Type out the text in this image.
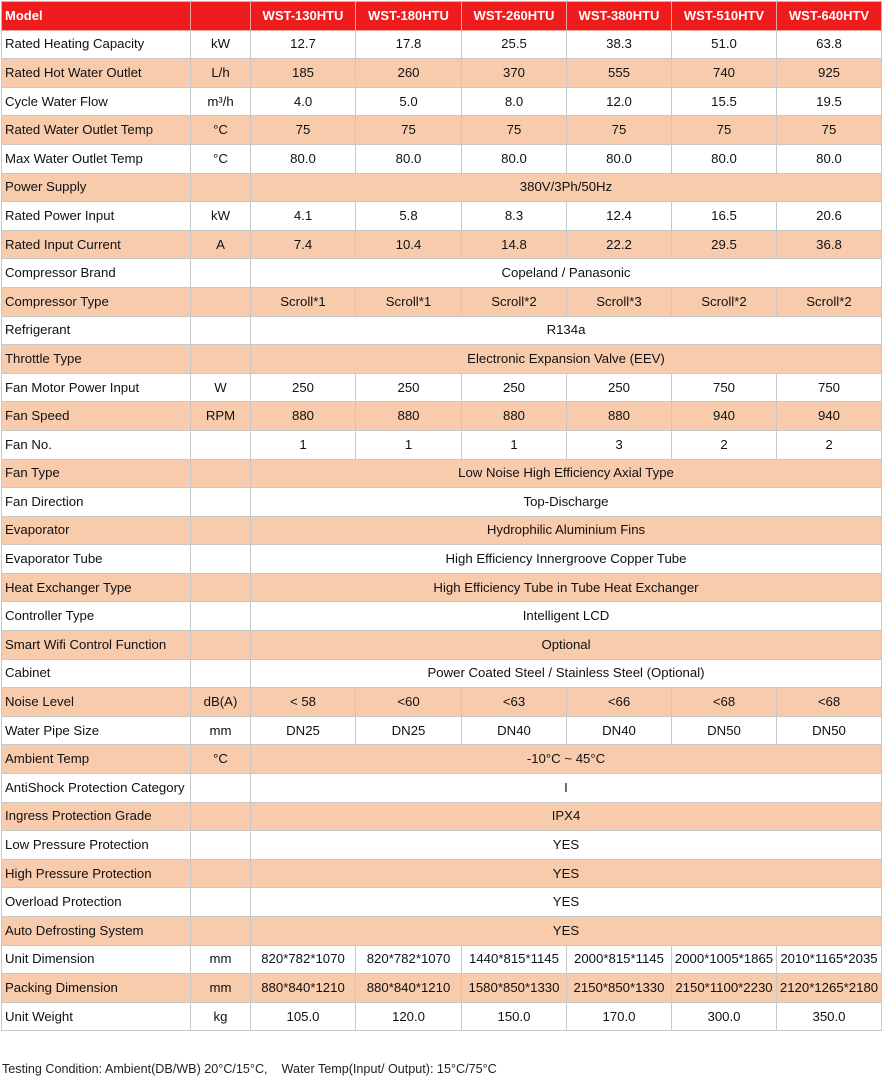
Model		WST-130HTU	WST-180HTU	WST-260HTU	WST-380HTU	WST-510HTV	WST-640HTV
Rated Heating Capacity	kW	12.7	17.8	25.5	38.3	51.0	63.8
Rated Hot Water Outlet	L/h	185	260	370	555	740	925
Cycle Water Flow	m³/h	4.0	5.0	8.0	12.0	15.5	19.5
Rated Water Outlet Temp	°C	75	75	75	75	75	75
Max Water Outlet Temp	°C	80.0	80.0	80.0	80.0	80.0	80.0
Power Supply		380V/3Ph/50Hz					
Rated Power Input	kW	4.1	5.8	8.3	12.4	16.5	20.6
Rated Input Current	A	7.4	10.4	14.8	22.2	29.5	36.8
Compressor Brand		Copeland / Panasonic					
Compressor Type		Scroll*1	Scroll*1	Scroll*2	Scroll*3	Scroll*2	Scroll*2
Refrigerant		R134a					
Throttle Type		Electronic Expansion Valve (EEV)					
Fan Motor Power Input	W	250	250	250	250	750	750
Fan Speed	RPM	880	880	880	880	940	940
Fan No.		1	1	1	3	2	2
Fan Type		Low Noise High Efficiency Axial Type					
Fan Direction		Top-Discharge					
Evaporator		Hydrophilic Aluminium Fins					
Evaporator Tube		High Efficiency Innergroove Copper Tube					
Heat Exchanger Type		High Efficiency Tube in Tube Heat Exchanger					
Controller Type		Intelligent LCD					
Smart Wifi Control Function		Optional					
Cabinet		Power Coated Steel / Stainless Steel (Optional)					
Noise Level	dB(A)	< 58	<60	<63	<66	<68	<68
Water Pipe Size	mm	DN25	DN25	DN40	DN40	DN50	DN50
Ambient Temp	°C	-10°C ~ 45°C					
AntiShock Protection Category		I					
Ingress Protection Grade		IPX4					
Low Pressure Protection		YES					
High Pressure Protection		YES					
Overload Protection		YES					
Auto Defrosting System		YES					
Unit Dimension	mm	820*782*1070	820*782*1070	1440*815*1145	2000*815*1145	2000*1005*1865	2010*1165*2035
Packing Dimension	mm	880*840*1210	880*840*1210	1580*850*1330	2150*850*1330	2150*1100*2230	2120*1265*2180
Unit Weight	kg	105.0	120.0	150.0	170.0	300.0	350.0
Testing Condition: Ambient(DB/WB) 20°C/15°C,    Water Temp(Input/ Output): 15°C/75°C
